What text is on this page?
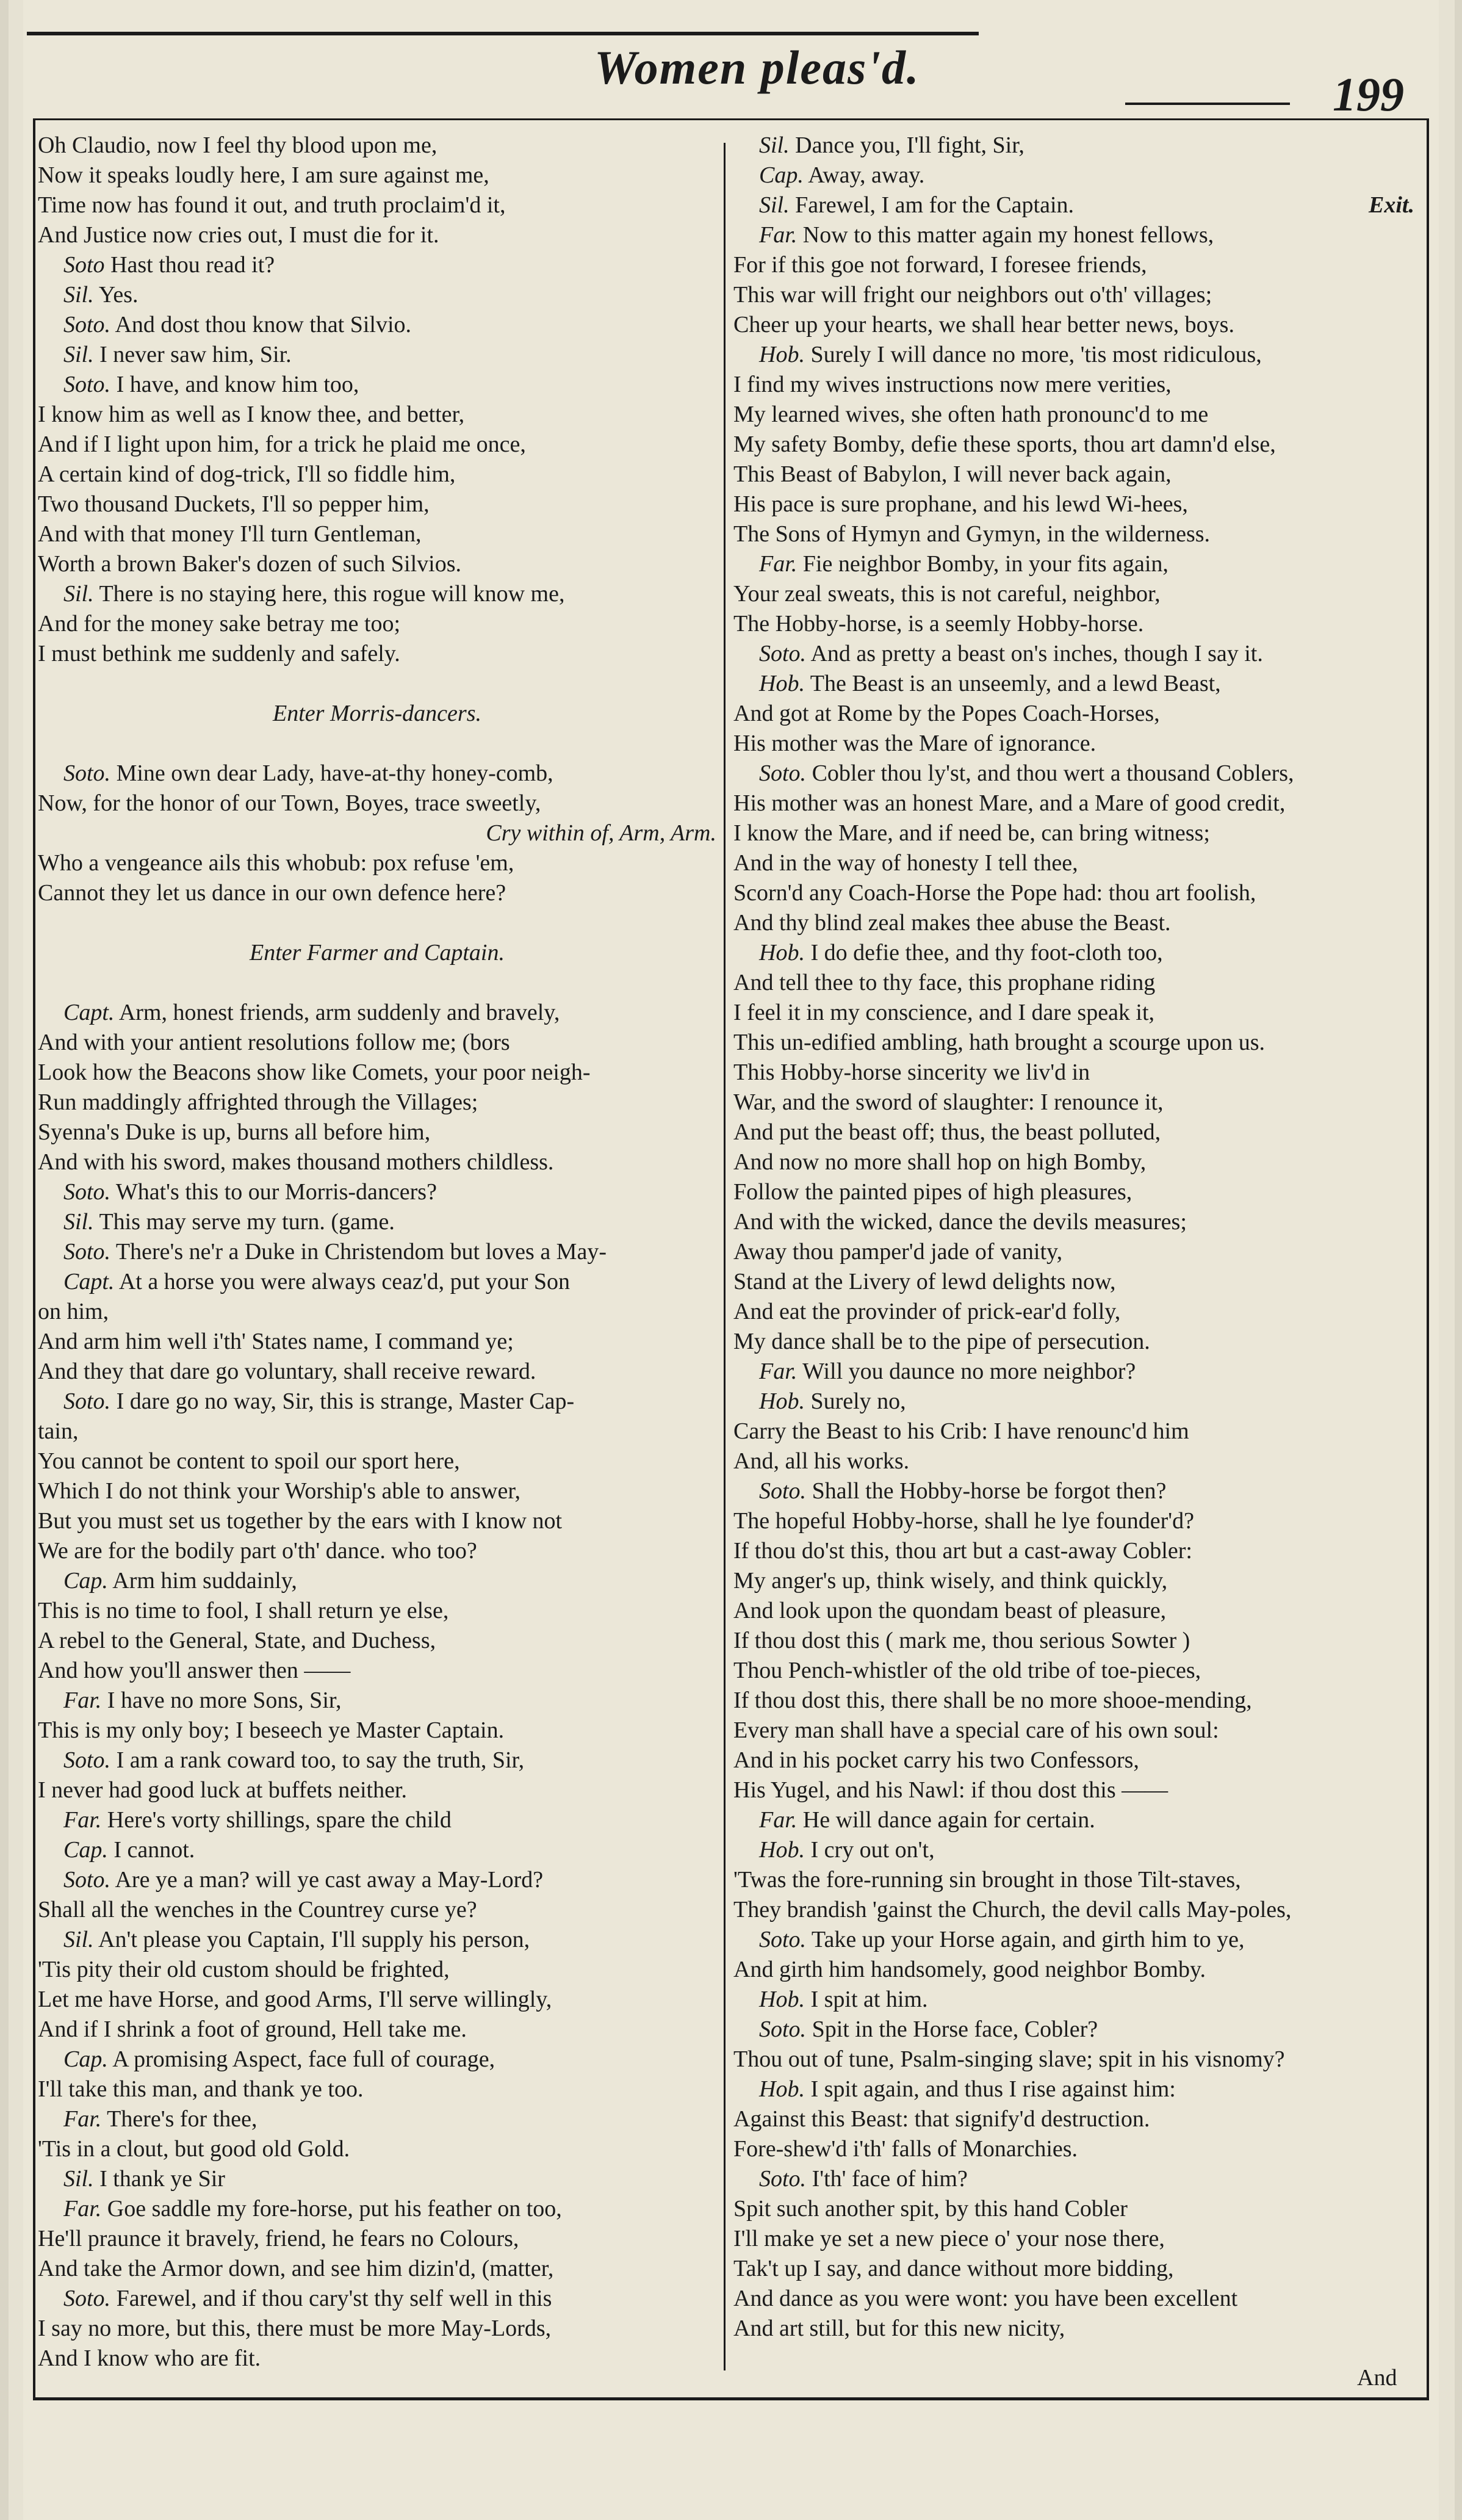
Women pleas'd.
199
Oh Claudio, now I feel thy blood upon me,
Now it speaks loudly here, I am sure against me,
Time now has found it out, and truth proclaim'd it,
And Justice now cries out, I must die for it.
Soto Hast thou read it?
Sil. Yes.
Soto. And dost thou know that Silvio.
Sil. I never saw him, Sir.
Soto. I have, and know him too,
I know him as well as I know thee, and better,
And if I light upon him, for a trick he plaid me once,
A certain kind of dog-trick, I'll so fiddle him,
Two thousand Duckets, I'll so pepper him,
And with that money I'll turn Gentleman,
Worth a brown Baker's dozen of such Silvios.
Sil. There is no staying here, this rogue will know me,
And for the money sake betray me too;
I must bethink me suddenly and safely.
Enter Morris-dancers.
Soto. Mine own dear Lady, have-at-thy honey-comb,
Now, for the honor of our Town, Boyes, trace sweetly,
Cry within of, Arm, Arm.
Who a vengeance ails this whobub: pox refuse 'em,
Cannot they let us dance in our own defence here?
Enter Farmer and Captain.
Capt. Arm, honest friends, arm suddenly and bravely,
And with your antient resolutions follow me; (bors
Look how the Beacons show like Comets, your poor neigh-
Run maddingly affrighted through the Villages;
Syenna's Duke is up, burns all before him,
And with his sword, makes thousand mothers childless.
Soto. What's this to our Morris-dancers?
Sil. This may serve my turn. (game.
Soto. There's ne'r a Duke in Christendom but loves a May-
Capt. At a horse you were always ceaz'd, put your Son
on him,
And arm him well i'th' States name, I command ye;
And they that dare go voluntary, shall receive reward.
Soto. I dare go no way, Sir, this is strange, Master Cap-
tain,
You cannot be content to spoil our sport here,
Which I do not think your Worship's able to answer,
But you must set us together by the ears with I know not
We are for the bodily part o'th' dance. who too?
Cap. Arm him suddainly,
This is no time to fool, I shall return ye else,
A rebel to the General, State, and Duchess,
And how you'll answer then ——
Far. I have no more Sons, Sir,
This is my only boy; I beseech ye Master Captain.
Soto. I am a rank coward too, to say the truth, Sir,
I never had good luck at buffets neither.
Far. Here's vorty shillings, spare the child
Cap. I cannot.
Soto. Are ye a man? will ye cast away a May-Lord?
Shall all the wenches in the Countrey curse ye?
Sil. An't please you Captain, I'll supply his person,
'Tis pity their old custom should be frighted,
Let me have Horse, and good Arms, I'll serve willingly,
And if I shrink a foot of ground, Hell take me.
Cap. A promising Aspect, face full of courage,
I'll take this man, and thank ye too.
Far. There's for thee,
'Tis in a clout, but good old Gold.
Sil. I thank ye Sir
Far. Goe saddle my fore-horse, put his feather on too,
He'll praunce it bravely, friend, he fears no Colours,
And take the Armor down, and see him dizin'd, (matter,
Soto. Farewel, and if thou cary'st thy self well in this
I say no more, but this, there must be more May-Lords,
And I know who are fit.
Sil. Dance you, I'll fight, Sir,
Cap. Away, away.
Sil. Farewel, I am for the Captain.	Exit.
Far. Now to this matter again my honest fellows,
For if this goe not forward, I foresee friends,
This war will fright our neighbors out o'th' villages;
Cheer up your hearts, we shall hear better news, boys.
Hob. Surely I will dance no more, 'tis most ridiculous,
I find my wives instructions now mere verities,
My learned wives, she often hath pronounc'd to me
My safety Bomby, defie these sports, thou art damn'd else,
This Beast of Babylon, I will never back again,
His pace is sure prophane, and his lewd Wi-hees,
The Sons of Hymyn and Gymyn, in the wilderness.
Far. Fie neighbor Bomby, in your fits again,
Your zeal sweats, this is not careful, neighbor,
The Hobby-horse, is a seemly Hobby-horse.
Soto. And as pretty a beast on's inches, though I say it.
Hob. The Beast is an unseemly, and a lewd Beast,
And got at Rome by the Popes Coach-Horses,
His mother was the Mare of ignorance.
Soto. Cobler thou ly'st, and thou wert a thousand Coblers,
His mother was an honest Mare, and a Mare of good credit,
I know the Mare, and if need be, can bring witness;
And in the way of honesty I tell thee,
Scorn'd any Coach-Horse the Pope had: thou art foolish,
And thy blind zeal makes thee abuse the Beast.
Hob. I do defie thee, and thy foot-cloth too,
And tell thee to thy face, this prophane riding
I feel it in my conscience, and I dare speak it,
This un-edified ambling, hath brought a scourge upon us.
This Hobby-horse sincerity we liv'd in
War, and the sword of slaughter: I renounce it,
And put the beast off; thus, the beast polluted,
And now no more shall hop on high Bomby,
Follow the painted pipes of high pleasures,
And with the wicked, dance the devils measures;
Away thou pamper'd jade of vanity,
Stand at the Livery of lewd delights now,
And eat the provinder of prick-ear'd folly,
My dance shall be to the pipe of persecution.
Far. Will you daunce no more neighbor?
Hob. Surely no,
Carry the Beast to his Crib: I have renounc'd him
And, all his works.
Soto. Shall the Hobby-horse be forgot then?
The hopeful Hobby-horse, shall he lye founder'd?
If thou do'st this, thou art but a cast-away Cobler:
My anger's up, think wisely, and think quickly,
And look upon the quondam beast of pleasure,
If thou dost this ( mark me, thou serious Sowter )
Thou Pench-whistler of the old tribe of toe-pieces,
If thou dost this, there shall be no more shooe-mending,
Every man shall have a special care of his own soul:
And in his pocket carry his two Confessors,
His Yugel, and his Nawl: if thou dost this ——
Far. He will dance again for certain.
Hob. I cry out on't,
'Twas the fore-running sin brought in those Tilt-staves,
They brandish 'gainst the Church, the devil calls May-poles,
Soto. Take up your Horse again, and girth him to ye,
And girth him handsomely, good neighbor Bomby.
Hob. I spit at him.
Soto. Spit in the Horse face, Cobler?
Thou out of tune, Psalm-singing slave; spit in his visnomy?
Hob. I spit again, and thus I rise against him:
Against this Beast: that signify'd destruction.
Fore-shew'd i'th' falls of Monarchies.
Soto. I'th' face of him?
Spit such another spit, by this hand Cobler
I'll make ye set a new piece o' your nose there,
Tak't up I say, and dance without more bidding,
And dance as you were wont: you have been excellent
And art still, but for this new nicity,
And
